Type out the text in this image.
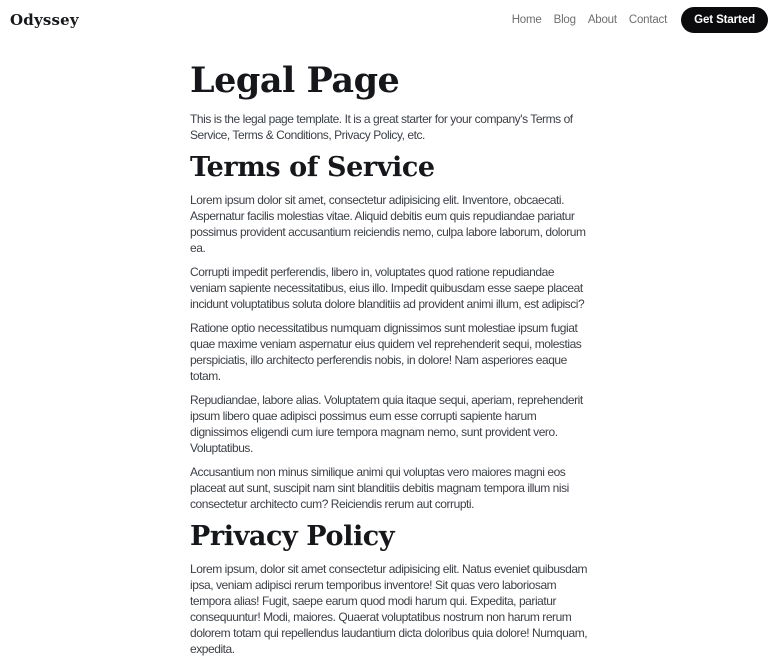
Odyssey	Home Blog About Contact	Get Started
Legal Page

This is the legal page template. It is a great starter for your company's Terms of Service, Terms & Conditions, Privacy Policy, etc.

Terms of Service

Lorem ipsum dolor sit amet, consectetur adipisicing elit. Inventore, obcaecati. Aspernatur facilis molestias vitae. Aliquid debitis eum quis repudiandae pariatur possimus provident accusantium reiciendis nemo, culpa labore laborum, dolorum ea.

Corrupti impedit perferendis, libero in, voluptates quod ratione repudiandae veniam sapiente necessitatibus, eius illo. Impedit quibusdam esse saepe placeat incidunt voluptatibus soluta dolore blanditiis ad provident animi illum, est adipisci?

Ratione optio necessitatibus numquam dignissimos sunt molestiae ipsum fugiat quae maxime veniam aspernatur eius quidem vel reprehenderit sequi, molestias perspiciatis, illo architecto perferendis nobis, in dolore! Nam asperiores eaque totam.

Repudiandae, labore alias. Voluptatem quia itaque sequi, aperiam, reprehenderit ipsum libero quae adipisci possimus eum esse corrupti sapiente harum dignissimos eligendi cum iure tempora magnam nemo, sunt provident vero. Voluptatibus.

Accusantium non minus similique animi qui voluptas vero maiores magni eos placeat aut sunt, suscipit nam sint blanditiis debitis magnam tempora illum nisi consectetur architecto cum? Reiciendis rerum aut corrupti.

Privacy Policy

Lorem ipsum, dolor sit amet consectetur adipisicing elit. Natus eveniet quibusdam ipsa, veniam adipisci rerum temporibus inventore! Sit quas vero laboriosam tempora alias! Fugit, saepe earum quod modi harum qui. Expedita, pariatur consequuntur! Modi, maiores. Quaerat voluptatibus nostrum non harum rerum dolorem totam qui repellendus laudantium dicta doloribus quia dolore! Numquam, expedita.
